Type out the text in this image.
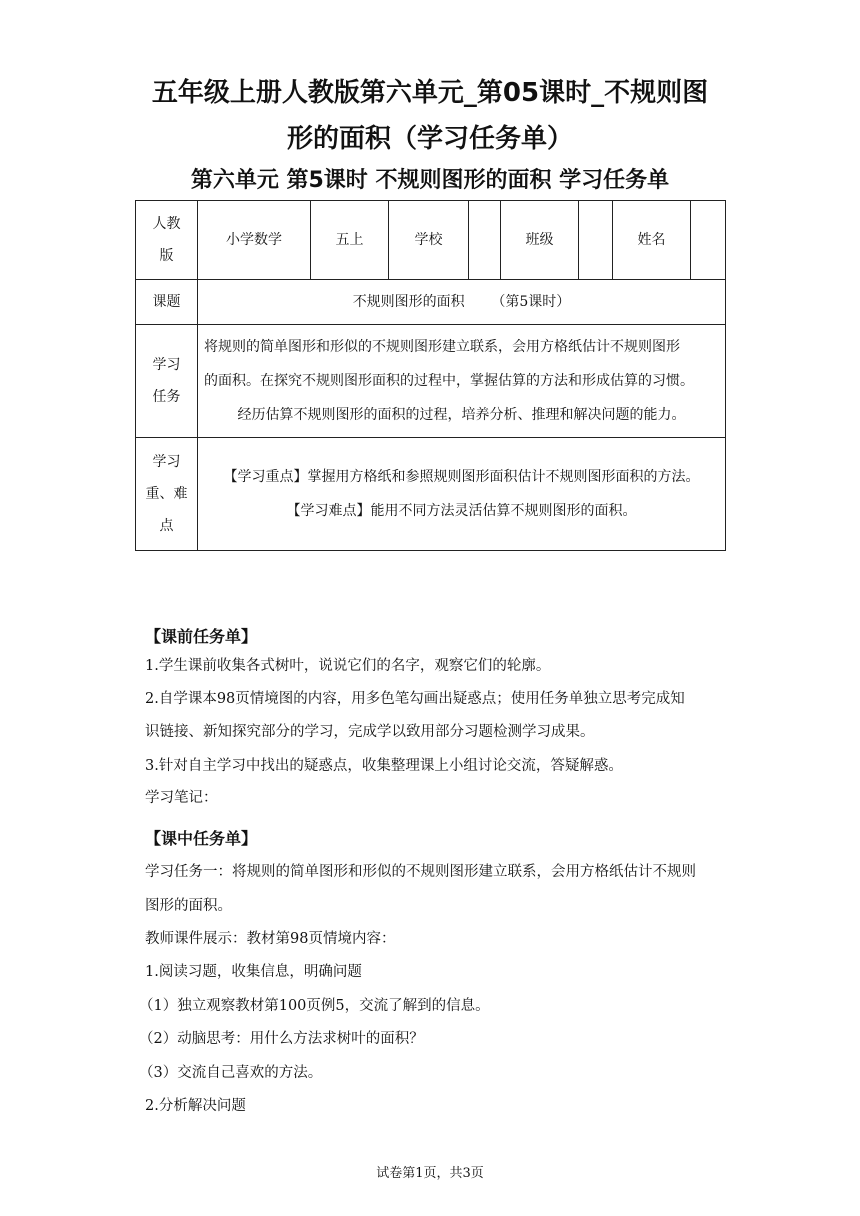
五年级上册人教版第六单元_第05课时_不规则图
形的面积（学习任务单）
第六单元 第5课时 不规则图形的面积 学习任务单
人教版	小学数学	五上	学校		班级		姓名	
课题	不规则图形的面积      （第5课时）							
学习任务	将规则的简单图形和形似的不规则图形建立联系，会用方格纸估计不规则图形
的面积。在探究不规则图形面积的过程中，掌握估算的方法和形成估算的习惯。
经历估算不规则图形的面积的过程，培养分析、推理和解决问题的能力。							

学习重、难点	【学习重点】掌握用方格纸和参照规则图形面积估计不规则图形面积的方法。
【学习难点】能用不同方法灵活估算不规则图形的面积。							
【课前任务单】
1.学生课前收集各式树叶，说说它们的名字，观察它们的轮廓。
2.自学课本98页情境图的内容，用多色笔勾画出疑惑点；使用任务单独立思考完成知
识链接、新知探究部分的学习，完成学以致用部分习题检测学习成果。
3.针对自主学习中找出的疑惑点，收集整理课上小组讨论交流，答疑解惑。
学习笔记：
【课中任务单】
学习任务一：将规则的简单图形和形似的不规则图形建立联系，会用方格纸估计不规则
图形的面积。
教师课件展示：教材第98页情境内容：
1.阅读习题，收集信息，明确问题
（1）独立观察教材第100页例5，交流了解到的信息。
（2）动脑思考：用什么方法求树叶的面积？
（3）交流自己喜欢的方法。
2.分析解决问题
试卷第1页，共3页
